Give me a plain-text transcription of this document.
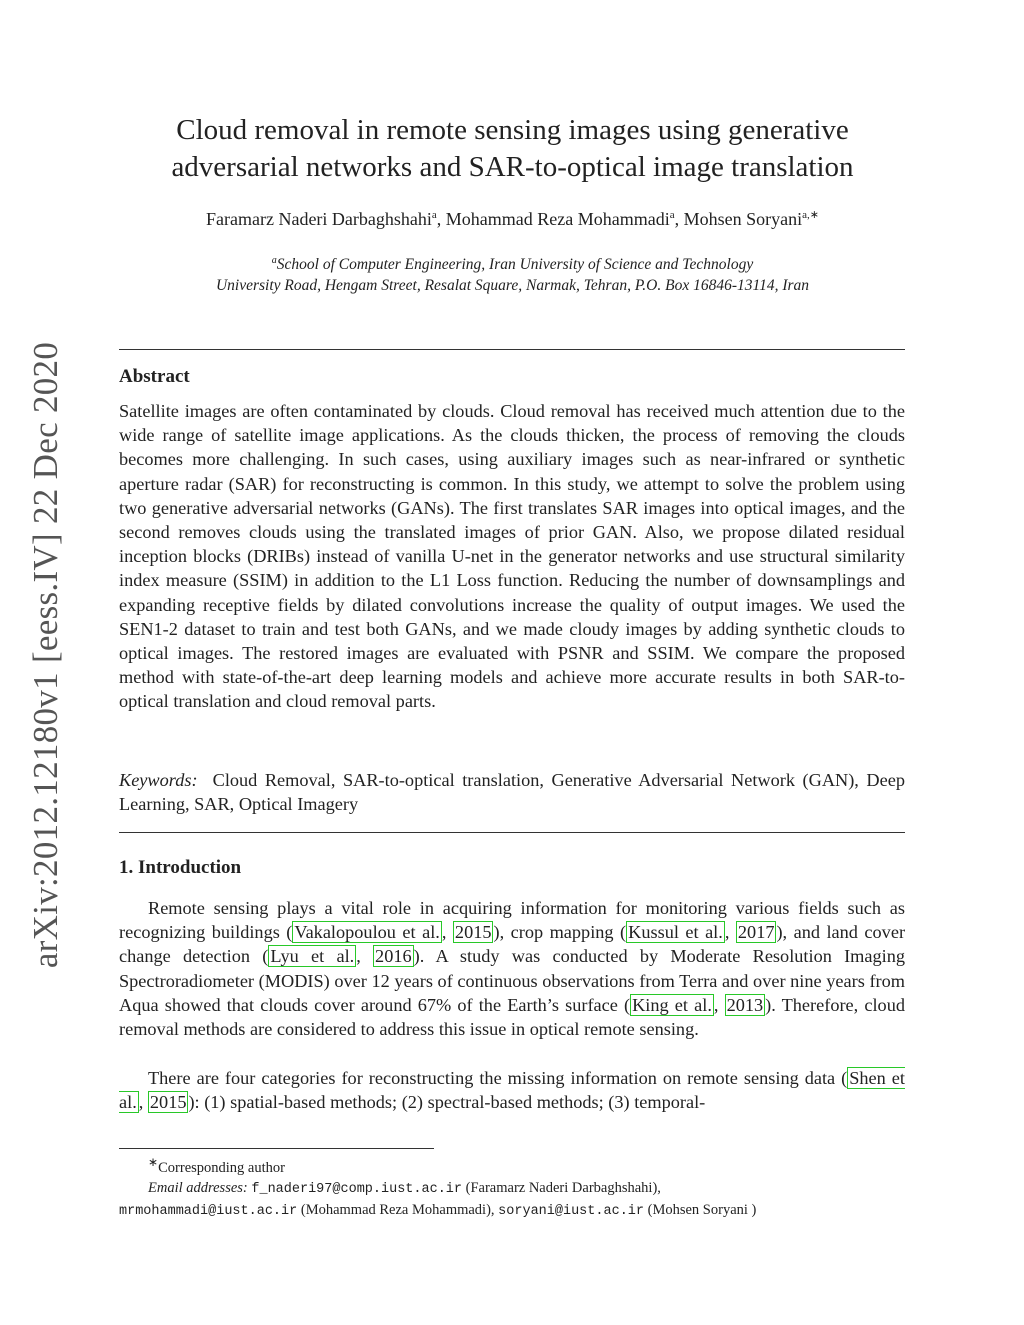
arXiv:2012.12180v1 [eess.IV] 22 Dec 2020
Cloud removal in remote sensing images using generative
adversarial networks and SAR-to-optical image translation
Faramarz Naderi Darbaghshahi$^a$, Mohammad Reza Mohammadi$^a$, Mohsen Soryani$^{a,∗}$
$^a$School of Computer Engineering, Iran University of Science and Technology
University Road, Hengam Street, Resalat Square, Narmak, Tehran, P.O. Box 16846-13114, Iran
Abstract
Satellite images are often contaminated by clouds. Cloud removal has received much attention due to the wide range of satellite image applications. As the clouds thicken, the process of removing the clouds becomes more challenging. In such cases, using auxiliary images such as near-infrared or synthetic aperture radar (SAR) for reconstructing is common. In this study, we attempt to solve the problem using two generative adversarial networks (GANs). The first translates SAR images into optical images, and the second removes clouds using the translated images of prior GAN. Also, we propose dilated residual inception blocks (DRIBs) instead of vanilla U-net in the generator networks and use structural similarity index measure (SSIM) in addition to the L1 Loss function. Reducing the number of downsamplings and expanding receptive fields by dilated convolutions increase the quality of output images. We used the SEN1-2 dataset to train and test both GANs, and we made cloudy images by adding synthetic clouds to optical images. The restored images are evaluated with PSNR and SSIM. We compare the proposed method with state-of-the-art deep learning models and achieve more accurate results in both SAR-to-optical translation and cloud removal parts.
Keywords: Cloud Removal, SAR-to-optical translation, Generative Adversarial Network (GAN), Deep Learning, SAR, Optical Imagery
1. Introduction
Remote sensing plays a vital role in acquiring information for monitoring various fields such as recognizing buildings ( Vakalopoulou et al. , 2015 ), crop mapping ( Kussul et al. , 2017 ), and land cover change detection ( Lyu et al. , 2016 ). A study was conducted by Moderate Resolution Imaging Spectroradiometer (MODIS) over 12 years of continuous observations from Terra and over nine years from Aqua showed that clouds cover around 67% of the Earth’s surface ( King et al. , 2013 ). Therefore, cloud removal methods are considered to address this issue in optical remote sensing.
There are four categories for reconstructing the missing information on remote sensing data ( Shen et al. , 2015 ): (1) spatial-based methods; (2) spectral-based methods; (3) temporal-
∗Corresponding author
Email addresses: f_naderi97@comp.iust.ac.ir (Faramarz Naderi Darbaghshahi),
mrmohammadi@iust.ac.ir (Mohammad Reza Mohammadi), soryani@iust.ac.ir (Mohsen Soryani )
